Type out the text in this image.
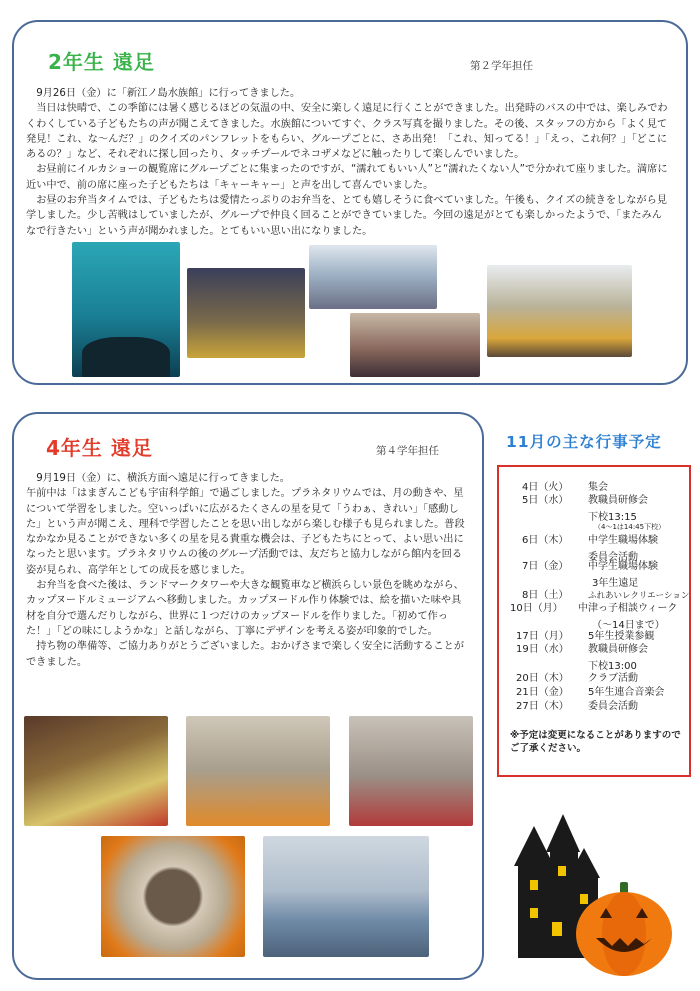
2年生 遠足	第２学年担任

9月26日（金）に「新江ノ島水族館」に行ってきました。

当日は快晴で、この季節には暑く感じるほどの気温の中、安全に楽しく遠足に行くことができました。出発時のバスの中では、楽しみでわくわくしている子どもたちの声が聞こえてきました。水族館についてすぐ、クラス写真を撮りました。その後、スタッフの方から「よく見て発見！これ、な〜んだ？」のクイズのパンフレットをもらい、グループごとに、さあ出発！「これ、知ってる！」「えっ、これ何？」「どこにあるの？」など、それぞれに探し回ったり、タッチプールでネコザメなどに触ったりして楽しんでいました。

お昼前にイルカショーの観覧席にグループごとに集まったのですが、“濡れてもいい人”と“濡れたくない人”で分かれて座りました。満席に近い中で、前の席に座った子どもたちは「キャーキャー」と声を出して喜んでいました。

お昼のお弁当タイムでは、子どもたちは愛情たっぷりのお弁当を、とても嬉しそうに食べていました。午後も、クイズの続きをしながら見学しました。少し苦戦はしていましたが、グループで仲良く回ることができていました。今回の遠足がとても楽しかったようで、「またみんなで行きたい」という声が聞かれました。とてもいい思い出になりました。

4年生 遠足	第４学年担任

9月19日（金）に、横浜方面へ遠足に行ってきました。

午前中は「はまぎんこども宇宙科学館」で過ごしました。プラネタリウムでは、月の動きや、星について学習をしました。空いっぱいに広がるたくさんの星を見て「うわぁ、きれい」「感動した」という声が聞こえ、理科で学習したことを思い出しながら楽しむ様子も見られました。普段なかなか見ることができない多くの星を見る貴重な機会は、子どもたちにとって、よい思い出になったと思います。プラネタリウムの後のグループ活動では、友だちと協力しながら館内を回る姿が見られ、高学年としての成長を感じました。

お弁当を食べた後は、ランドマークタワーや大きな観覧車など横浜らしい景色を眺めながら、カップヌードルミュージアムへ移動しました。カップヌードル作り体験では、絵を描いた味や具材を自分で選んだりしながら、世界に１つだけのカップヌードルを作りました。「初めて作った！」「どの味にしようかな」と話しながら、丁寧にデザインを考える姿が印象的でした。

持ち物の準備等、ご協力ありがとうございました。おかげさまで楽しく安全に活動することができました。

11月の主な行事予定
4日（火） 集会
5日（水） 教職員研修会
下校13:15
（4～1は14:45下校）
6日（木） 中学生職場体験
委員会活動
7日（金） 中学生職場体験
3年生遠足
8日（土） ふれあいレクリエーション
10日（月） 中津っ子相談ウィーク
（～14日まで）
17日（月） 5年生授業参観
19日（水） 教職員研修会
下校13:00
20日（木） クラブ活動
21日（金） 5年生連合音楽会
27日（木） 委員会活動
※予定は変更になることがありますのでご了承ください。
